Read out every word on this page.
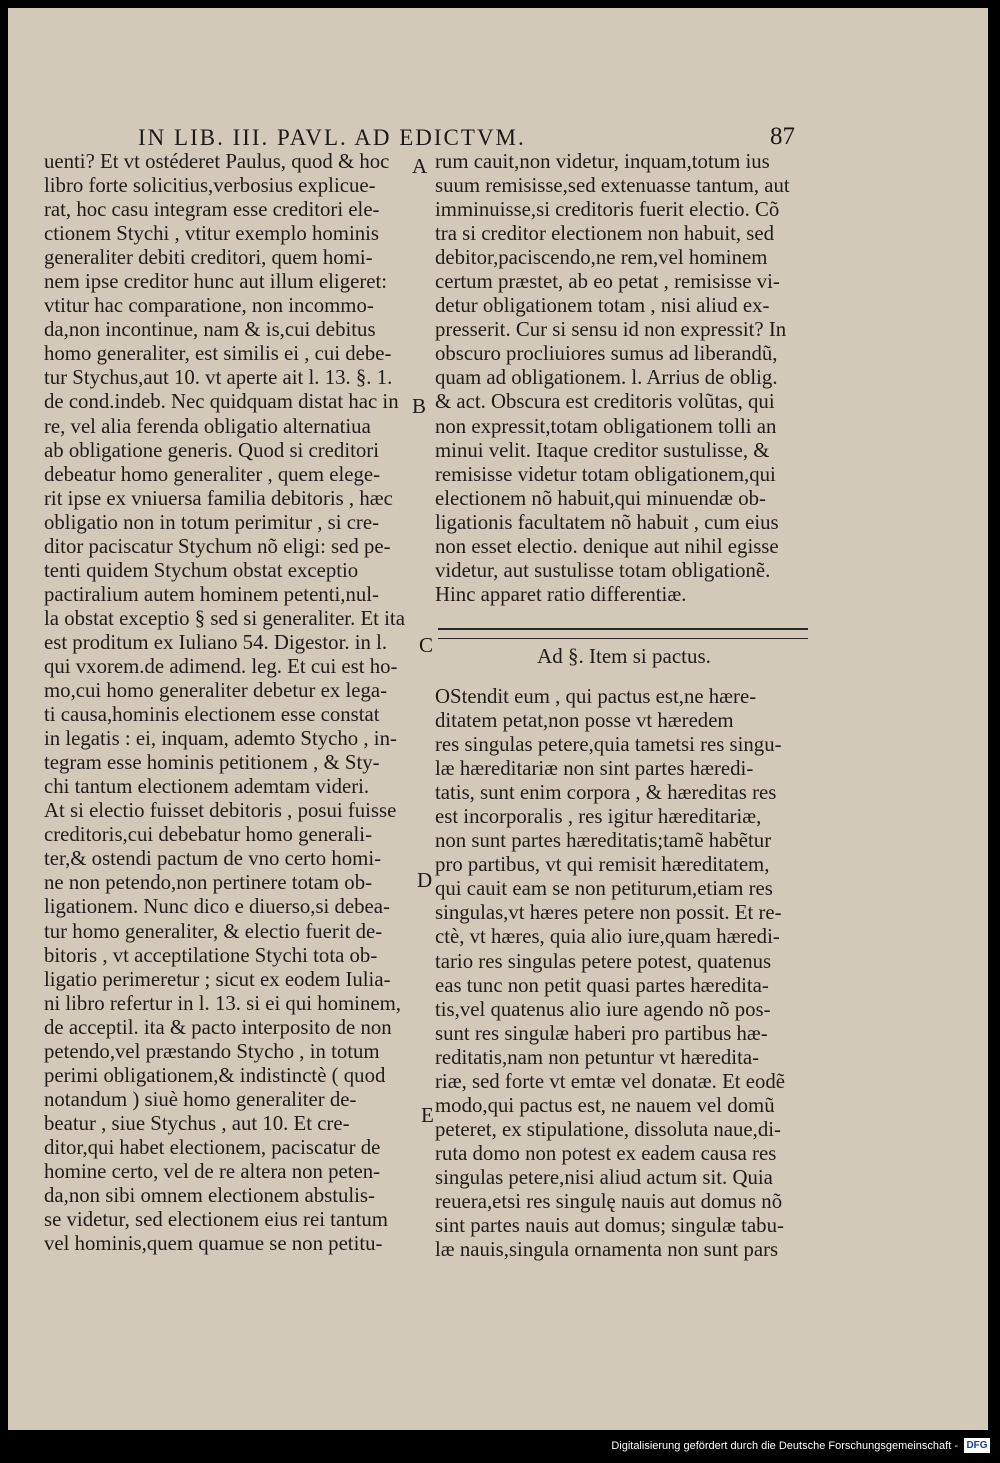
IN LIB. III. PAVL. AD EDICTVM.	87
uenti? Et vt ostéderet Paulus, quod & hoc
libro forte solicitius,verbosius explicue-
rat, hoc casu integram esse creditori ele-
ctionem Stychi , vtitur exemplo hominis
generaliter debiti creditori, quem homi-
nem ipse creditor hunc aut illum eligeret:
vtitur hac comparatione, non incommo-
da,non incontinue, nam & is,cui debitus
homo generaliter, est similis ei , cui debe-
tur Stychus,aut 10. vt aperte ait l. 13. §. 1.
de cond.indeb. Nec quidquam distat hac in
re, vel alia ferenda obligatio alternatiua
ab obligatione generis. Quod si creditori
debeatur homo generaliter , quem elege-
rit ipse ex vniuersa familia debitoris , hæc
obligatio non in totum perimitur , si cre-
ditor paciscatur Stychum nõ eligi: sed pe-
tenti quidem Stychum obstat exceptio
pactiralium autem hominem petenti,nul-
la obstat exceptio § sed si generaliter. Et ita
est proditum ex Iuliano 54. Digestor. in l.
qui vxorem.de adimend. leg. Et cui est ho-
mo,cui homo generaliter debetur ex lega-
ti causa,hominis electionem esse constat
in legatis : ei, inquam, ademto Stycho , in-
tegram esse hominis petitionem , & Sty-
chi tantum electionem ademtam videri.
At si electio fuisset debitoris , posui fuisse
creditoris,cui debebatur homo generali-
ter,& ostendi pactum de vno certo homi-
ne non petendo,non pertinere totam ob-
ligationem. Nunc dico e diuerso,si debea-
tur homo generaliter, & electio fuerit de-
bitoris , vt acceptilatione Stychi tota ob-
ligatio perimeretur ; sicut ex eodem Iulia-
ni libro refertur in l. 13. si ei qui hominem,
de acceptil. ita & pacto interposito de non
petendo,vel præstando Stycho , in totum
perimi obligationem,& indistinctè ( quod
notandum ) siuè homo generaliter de-
beatur , siue Stychus , aut 10. Et cre-
ditor,qui habet electionem, paciscatur de
homine certo, vel de re altera non peten-
da,non sibi omnem electionem abstulis-
se videtur, sed electionem eius rei tantum
vel hominis,quem quamue se non petitu-
rum cauit,non videtur, inquam,totum ius
suum remisisse,sed extenuasse tantum, aut
imminuisse,si creditoris fuerit electio. Cõ
tra si creditor electionem non habuit, sed
debitor,paciscendo,ne rem,vel hominem
certum præstet, ab eo petat , remisisse vi-
detur obligationem totam , nisi aliud ex-
presserit. Cur si sensu id non expressit? In
obscuro procliuiores sumus ad liberandũ,
quam ad obligationem. l. Arrius de oblig.
& act. Obscura est creditoris volũtas, qui
non expressit,totam obligationem tolli an
minui velit. Itaque creditor sustulisse, &
remisisse videtur totam obligationem,qui
electionem nõ habuit,qui minuendæ ob-
ligationis facultatem nõ habuit , cum eius
non esset electio. denique aut nihil egisse
videtur, aut sustulisse totam obligationẽ.
Hinc apparet ratio differentiæ.
A
B
C
D
E
Ad §. Item si pactus.
OStendit eum , qui pactus est,ne hære-
ditatem petat,non posse vt hæredem
res singulas petere,quia tametsi res singu-
læ hæreditariæ non sint partes hæredi-
tatis, sunt enim corpora , & hæreditas res
est incorporalis , res igitur hæreditariæ,
non sunt partes hæreditatis;tamẽ habẽtur
pro partibus, vt qui remisit hæreditatem,
qui cauit eam se non petiturum,etiam res
singulas,vt hæres petere non possit. Et re-
ctè, vt hæres, quia alio iure,quam hæredi-
tario res singulas petere potest, quatenus
eas tunc non petit quasi partes hæredita-
tis,vel quatenus alio iure agendo nõ pos-
sunt res singulæ haberi pro partibus hæ-
reditatis,nam non petuntur vt hæredita-
riæ, sed forte vt emtæ vel donatæ. Et eodẽ
modo,qui pactus est, ne nauem vel domũ
peteret, ex stipulatione, dissoluta naue,di-
ruta domo non potest ex eadem causa res
singulas petere,nisi aliud actum sit. Quia
reuera,etsi res singulę nauis aut domus nõ
sint partes nauis aut domus; singulæ tabu-
læ nauis,singula ornamenta non sunt pars
Digitalisierung gefördert durch die Deutsche Forschungsgemeinschaft - DFG
